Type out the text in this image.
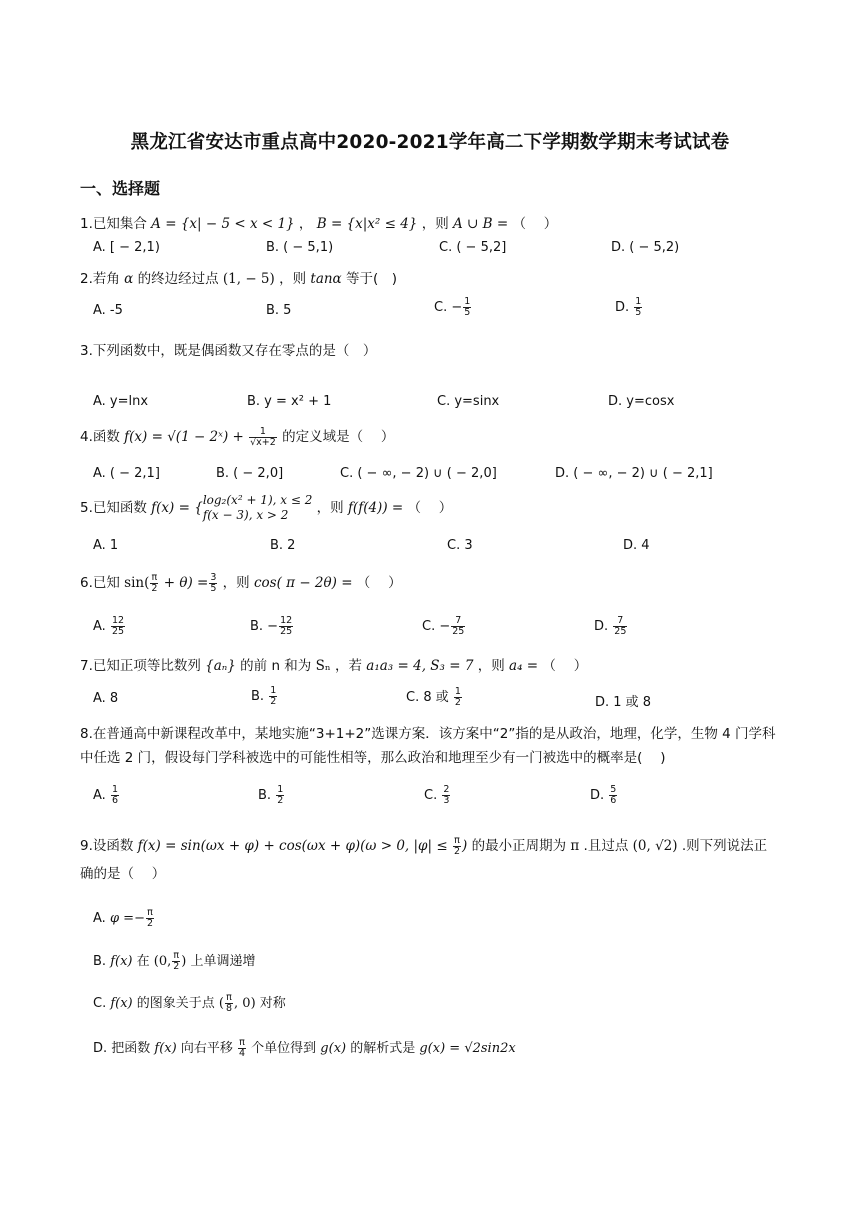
黑龙江省安达市重点高中2020-2021学年高二下学期数学期末考试试卷
一、选择题
1.已知集合 A = {x| − 5 < x < 1} ， B = {x|x² ≤ 4} ，则 A ∪ B = （　 ）
A. [ − 2,1)	B. ( − 5,1)	C. ( − 5,2]	D. ( − 5,2)
2.若角 α 的终边经过点 (1, − 5) ，则 tanα 等于(　)
A. -5	B. 5	C. − $\frac{1}{5}$	D. $\frac{1}{5}$
3.下列函数中，既是偶函数又存在零点的是（　）
A. y=lnx	B. y = x² + 1	C. y=sinx	D. y=cosx
4.函数 f(x) = √(1 − 2ˣ) + $\frac{1}{√x+2}$ 的定义域是（　 ）
A. ( − 2,1]	B. ( − 2,0]	C. ( − ∞, − 2) ∪ ( − 2,0]	D. ( − ∞, − 2) ∪ ( − 2,1]
5.已知函数 f(x) = { log₂(x² + 1), x ≤ 2
f(x − 3), x > 2	，则 f(f(4)) = （　 ）
A. 1	B. 2	C. 3	D. 4
6.已知 $\sin( \frac{\pi}{2} + \theta) = \frac{3}{5}$ ，则 cos( π − 2θ) = （　 ）
A. $\frac{12}{25}$	B. − $\frac{12}{25}$	C. − $\frac{7}{25}$	D. $\frac{7}{25}$
7.已知正项等比数列 {aₙ} 的前 n 和为 Sₙ ，若 a₁a₃ = 4, S₃ = 7 ，则 a₄ = （　 ）
A. 8	B. $\frac{1}{2}$	C. 8 或 $\frac{1}{2}$	D. 1 或 8
8.在普通高中新课程改革中，某地实施“3+1+2”选课方案．该方案中“2”指的是从政治，地理，化学，生物 4 门学科中任选 2 门，假设每门学科被选中的可能性相等，那么政治和地理至少有一门被选中的概率是(　 )
A. $\frac{1}{6}$	B. $\frac{1}{2}$	C. $\frac{2}{3}$	D. $\frac{5}{6}$
9.设函数 f(x) = sin(ωx + φ) + cos(ωx + φ)(ω > 0, $|\varphi| \le \frac{\pi}{2}$ ) 的最小正周期为 π .且过点 (0, √2) .则下列说法正确的是（　 ）
A. $\varphi =- \frac{\pi}{2}$
B. f(x) 在 (0, $\frac{\pi}{2}$ ) 上单调递增
C. f(x) 的图象关于点 ( $\frac{\pi}{8}$ , 0) 对称
D. 把函数 f(x) 向右平移 $\frac{\pi}{4}$ 个单位得到 g(x) 的解析式是 g(x) = √2sin2x
